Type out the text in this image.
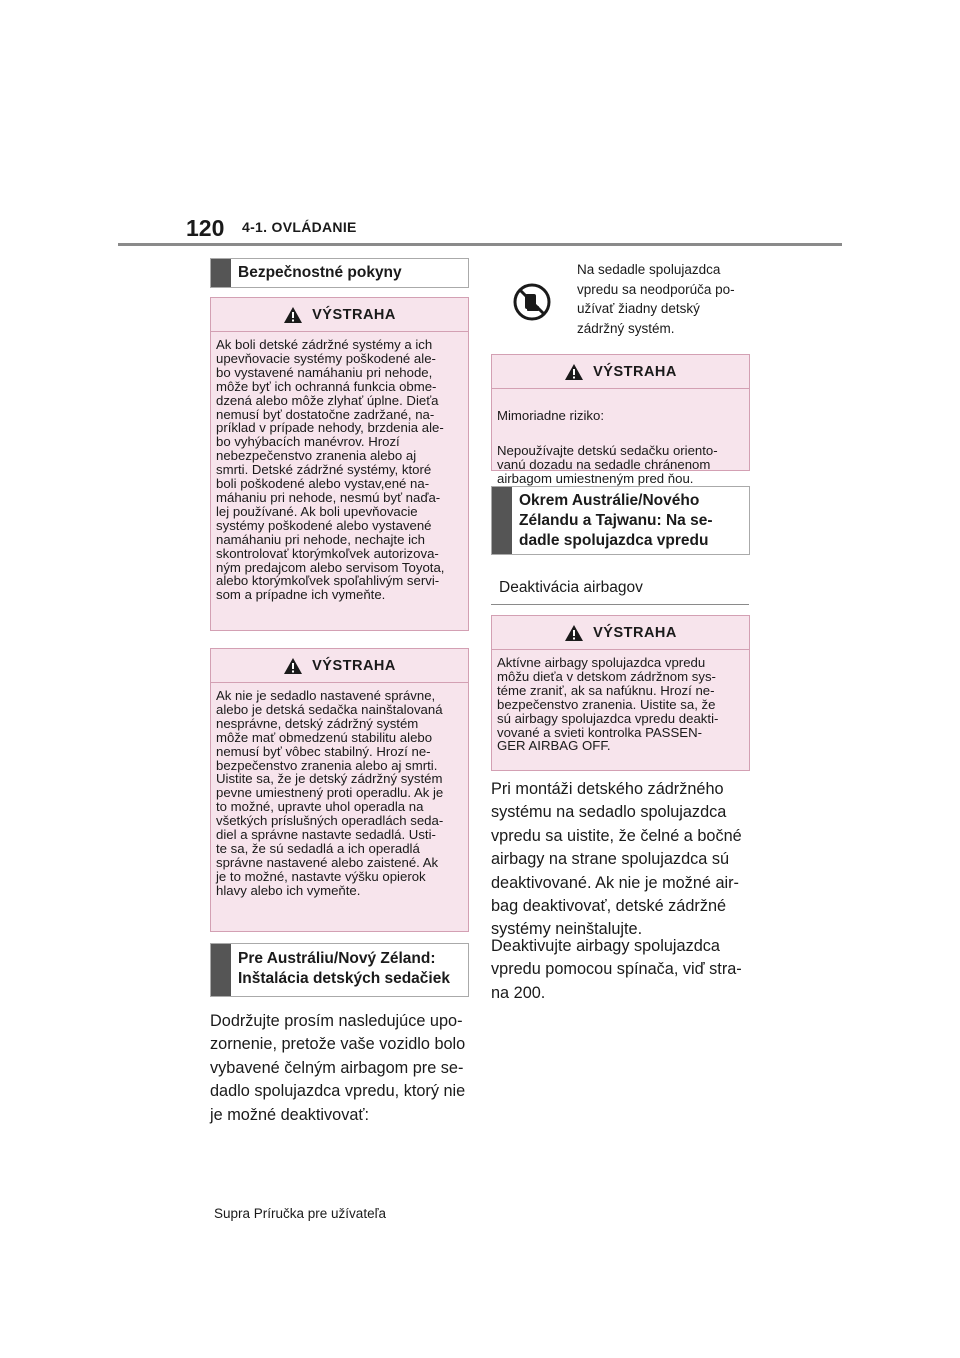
120 4-1. OVLÁDANIE
Bezpečnostné pokyny
VÝSTRAHA
Ak boli detské zádržné systémy a ich
upevňovacie systémy poškodené ale-
bo vystavené namáhaniu pri nehode,
môže byť ich ochranná funkcia obme-
dzená alebo môže zlyhať úplne. Dieťa
nemusí byť dostatočne zadržané, na-
príklad v prípade nehody, brzdenia ale-
bo vyhýbacích manévrov. Hrozí
nebezpečenstvo zranenia alebo aj
smrti. Detské zádržné systémy, ktoré
boli poškodené alebo vystav,ené na-
máhaniu pri nehode, nesmú byť naďa-
lej používané. Ak boli upevňovacie
systémy poškodené alebo vystavené
namáhaniu pri nehode, nechajte ich
skontrolovať ktorýmkoľvek autorizova-
ným predajcom alebo servisom Toyota,
alebo ktorýmkoľvek spoľahlivým servi-
som a prípadne ich vymeňte.
VÝSTRAHA
Ak nie je sedadlo nastavené správne,
alebo je detská sedačka nainštalovaná
nesprávne, detský zádržný systém
môže mať obmedzenú stabilitu alebo
nemusí byť vôbec stabilný. Hrozí ne-
bezpečenstvo zranenia alebo aj smrti.
Uistite sa, že je detský zádržný systém
pevne umiestnený proti operadlu. Ak je
to možné, upravte uhol operadla na
všetkých príslušných operadlách seda-
diel a správne nastavte sedadlá. Usti-
te sa, že sú sedadlá a ich operadlá
správne nastavené alebo zaistené. Ak
je to možné, nastavte výšku opierok
hlavy alebo ich vymeňte.
Pre Austráliu/Nový Zéland:
Inštalácia detských sedačiek
Dodržujte prosím nasledujúce upo-
zornenie, pretože vaše vozidlo bolo
vybavené čelným airbagom pre se-
dadlo spolujazdca vpredu, ktorý nie
je možné deaktivovať:
Na sedadle spolujazdca
vpredu sa neodporúča po-
užívať žiadny detský
zádržný systém.
VÝSTRAHA

Mimoriadne riziko:

Nepoužívajte detskú sedačku oriento-
vanú dozadu na sedadle chránenom
airbagom umiestneným pred ňou.

Okrem Austrálie/Nového
Zélandu a Tajwanu: Na se-
dadle spolujazdca vpredu
Deaktivácia airbagov
VÝSTRAHA
Aktívne airbagy spolujazdca vpredu
môžu dieťa v detskom zádržnom sys-
téme zraniť, ak sa nafúknu. Hrozí ne-
bezpečenstvo zranenia. Uistite sa, že
sú airbagy spolujazdca vpredu deakti-
vované a svieti kontrolka PASSEN-
GER AIRBAG OFF.
Pri montáži detského zádržného
systému na sedadlo spolujazdca
vpredu sa uistite, že čelné a bočné
airbagy na strane spolujazdca sú
deaktivované. Ak nie je možné air-
bag deaktivovať, detské zádržné
systémy neinštalujte.
Deaktivujte airbagy spolujazdca
vpredu pomocou spínača, viď stra-
na 200.
Supra Príručka pre užívateľa
